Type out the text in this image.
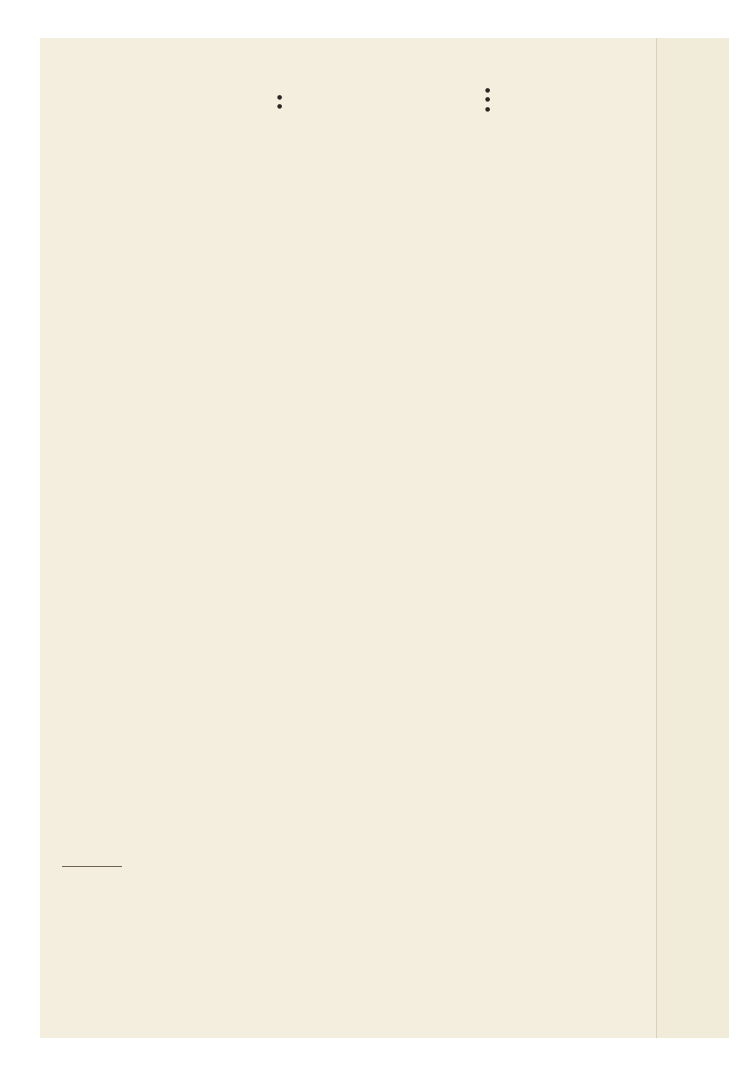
●

●

●

●

●
